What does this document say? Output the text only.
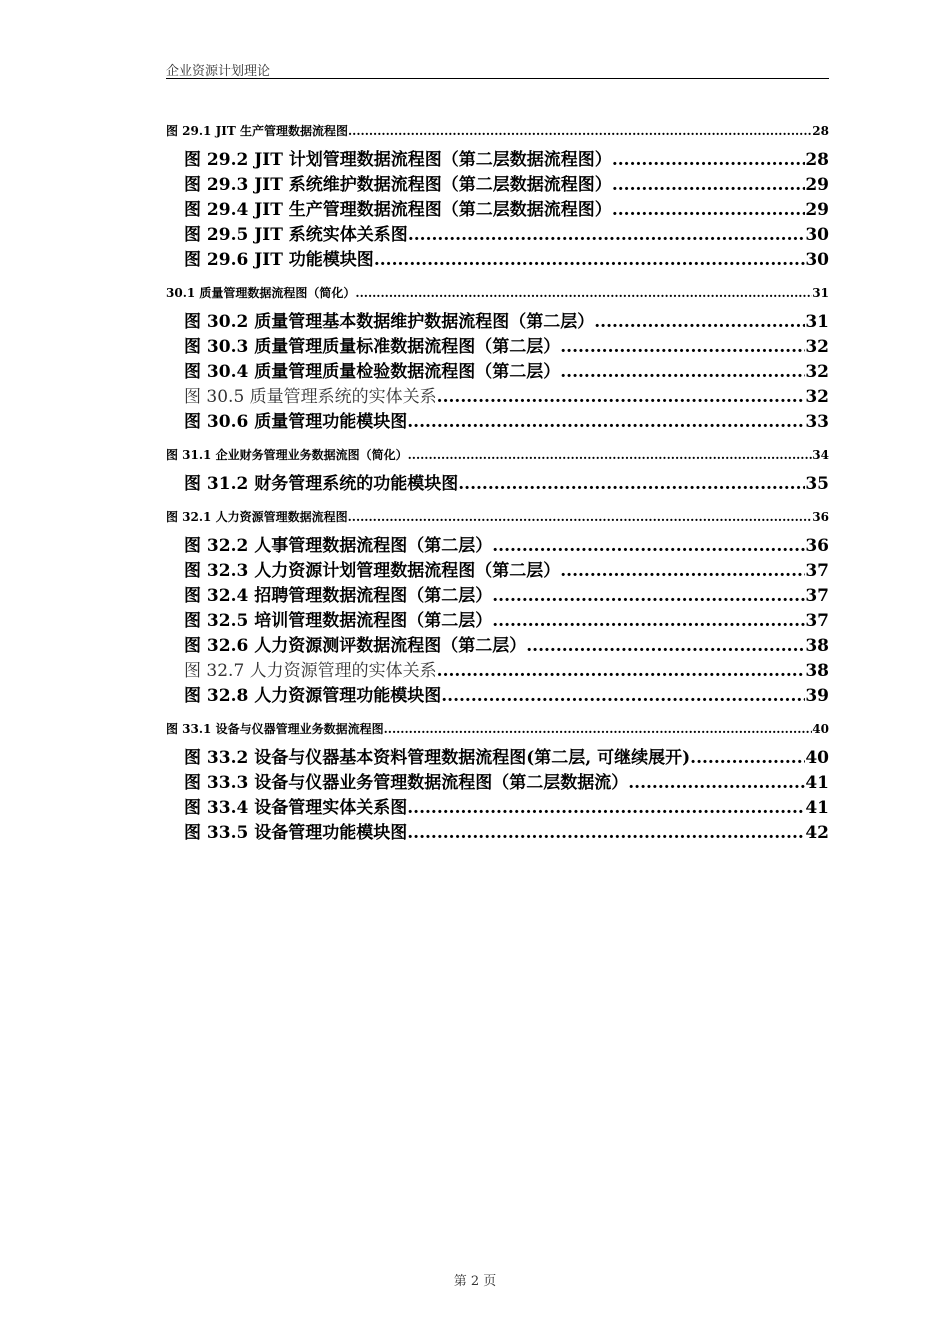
企业资源计划理论
图 29.1 JIT 生产管理数据流程图 .....	28
图 29.2 JIT 计划管理数据流程图（第二层数据流程图） .....	28
图 29.3 JIT 系统维护数据流程图（第二层数据流程图） .....	29
图 29.4 JIT 生产管理数据流程图（第二层数据流程图） .....	29
图 29.5 JIT 系统实体关系图 .....	30
图 29.6 JIT 功能模块图 .....	30
30.1 质量管理数据流程图（简化） .....	31
图 30.2 质量管理基本数据维护数据流程图（第二层） .....	31
图 30.3 质量管理质量标准数据流程图（第二层） .....	32
图 30.4 质量管理质量检验数据流程图（第二层） .....	32
图 30.5 质量管理系统的实体关系 .....	32
图 30.6 质量管理功能模块图 .....	33
图 31.1 企业财务管理业务数据流图（简化） .....	34
图 31.2 财务管理系统的功能模块图 .....	35
图 32.1 人力资源管理数据流程图 .....	36
图 32.2 人事管理数据流程图（第二层） .....	36
图 32.3 人力资源计划管理数据流程图（第二层） .....	37
图 32.4 招聘管理数据流程图（第二层） .....	37
图 32.5 培训管理数据流程图（第二层） .....	37
图 32.6 人力资源测评数据流程图（第二层） .....	38
图 32.7 人力资源管理的实体关系 .....	38
图 32.8 人力资源管理功能模块图 .....	39
图 33.1 设备与仪器管理业务数据流程图 .....	40
图 33.2 设备与仪器基本资料管理数据流程图(第二层, 可继续展开) .....	40
图 33.3 设备与仪器业务管理数据流程图（第二层数据流） .....	41
图 33.4 设备管理实体关系图 .....	41
图 33.5 设备管理功能模块图 .....	42
第 2 页
